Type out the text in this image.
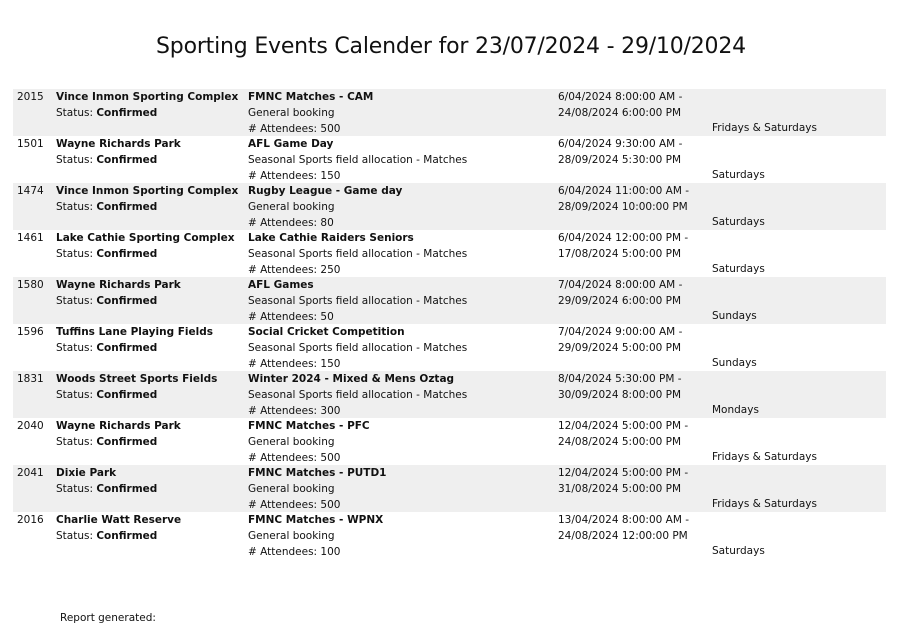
Sporting Events Calender for 23/07/2024 - 29/10/2024
2015 Vince Inmon Sporting Complex
Status: Confirmed
FMNC Matches - CAM
General booking
# Attendees: 500
6/04/2024 8:00:00 AM -
24/08/2024 6:00:00 PM
Fridays & Saturdays
1501 Wayne Richards Park
Status: Confirmed
AFL Game Day
Seasonal Sports field allocation - Matches
# Attendees: 150
6/04/2024 9:30:00 AM -
28/09/2024 5:30:00 PM
Saturdays
1474 Vince Inmon Sporting Complex
Status: Confirmed
Rugby League - Game day
General booking
# Attendees: 80
6/04/2024 11:00:00 AM -
28/09/2024 10:00:00 PM
Saturdays
1461 Lake Cathie Sporting Complex
Status: Confirmed
Lake Cathie Raiders Seniors
Seasonal Sports field allocation - Matches
# Attendees: 250
6/04/2024 12:00:00 PM -
17/08/2024 5:00:00 PM
Saturdays
1580 Wayne Richards Park
Status: Confirmed
AFL Games
Seasonal Sports field allocation - Matches
# Attendees: 50
7/04/2024 8:00:00 AM -
29/09/2024 6:00:00 PM
Sundays
1596 Tuffins Lane Playing Fields
Status: Confirmed
Social Cricket Competition
Seasonal Sports field allocation - Matches
# Attendees: 150
7/04/2024 9:00:00 AM -
29/09/2024 5:00:00 PM
Sundays
1831 Woods Street Sports Fields
Status: Confirmed
Winter 2024 - Mixed & Mens Oztag
Seasonal Sports field allocation - Matches
# Attendees: 300
8/04/2024 5:30:00 PM -
30/09/2024 8:00:00 PM
Mondays
2040 Wayne Richards Park
Status: Confirmed
FMNC Matches - PFC
General booking
# Attendees: 500
12/04/2024 5:00:00 PM -
24/08/2024 5:00:00 PM
Fridays & Saturdays
2041 Dixie Park
Status: Confirmed
FMNC Matches - PUTD1
General booking
# Attendees: 500
12/04/2024 5:00:00 PM -
31/08/2024 5:00:00 PM
Fridays & Saturdays
2016 Charlie Watt Reserve
Status: Confirmed
FMNC Matches - WPNX
General booking
# Attendees: 100
13/04/2024 8:00:00 AM -
24/08/2024 12:00:00 PM
Saturdays
Report generated:
